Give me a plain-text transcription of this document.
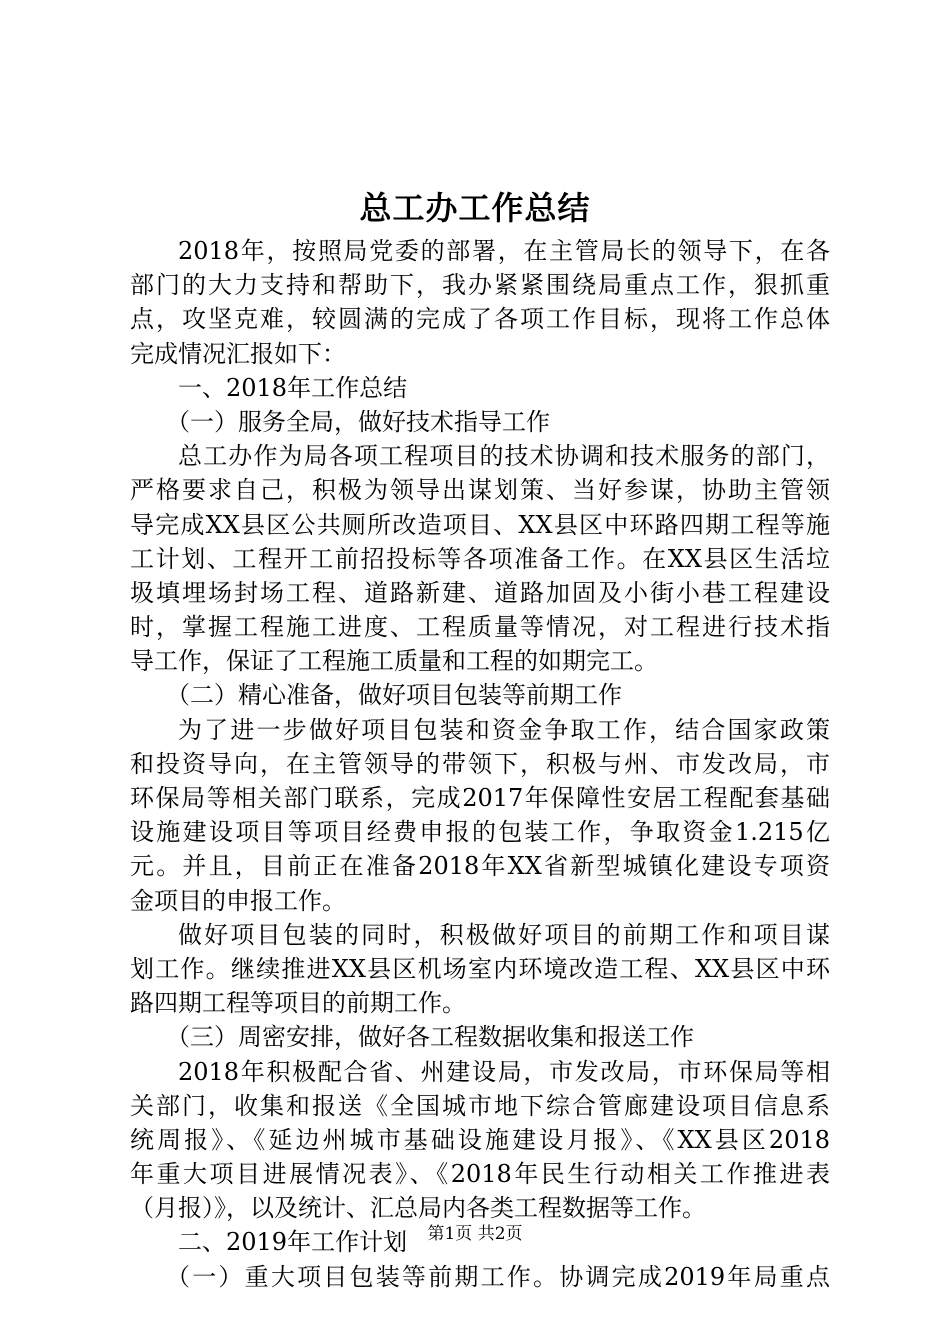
总工办工作总结
2018年，按照局党委的部署，在主管局长的领导下，在各
部门的大力支持和帮助下，我办紧紧围绕局重点工作，狠抓重
点，攻坚克难，较圆满的完成了各项工作目标，现将工作总体
完成情况汇报如下：
一、2018年工作总结
（一）服务全局，做好技术指导工作
总工办作为局各项工程项目的技术协调和技术服务的部门，
严格要求自己，积极为领导出谋划策、当好参谋，协助主管领
导完成XX县区公共厕所改造项目、XX县区中环路四期工程等施
工计划、工程开工前招投标等各项准备工作。在XX县区生活垃
圾填埋场封场工程、道路新建、道路加固及小街小巷工程建设
时，掌握工程施工进度、工程质量等情况，对工程进行技术指
导工作，保证了工程施工质量和工程的如期完工。
（二）精心准备，做好项目包装等前期工作
为了进一步做好项目包装和资金争取工作，结合国家政策
和投资导向，在主管领导的带领下，积极与州、市发改局，市
环保局等相关部门联系，完成2017年保障性安居工程配套基础
设施建设项目等项目经费申报的包装工作，争取资金1.215亿
元。并且，目前正在准备2018年XX省新型城镇化建设专项资
金项目的申报工作。
做好项目包装的同时，积极做好项目的前期工作和项目谋
划工作。继续推进XX县区机场室内环境改造工程、XX县区中环
路四期工程等项目的前期工作。
（三）周密安排，做好各工程数据收集和报送工作
2018年积极配合省、州建设局，市发改局，市环保局等相
关部门，收集和报送《全国城市地下综合管廊建设项目信息系
统周报》、《延边州城市基础设施建设月报》、《XX县区2018
年重大项目进展情况表》、《2018年民生行动相关工作推进表
（月报）》，以及统计、汇总局内各类工程数据等工作。
二、2019年工作计划
（一）重大项目包装等前期工作。协调完成2019年局重点
第1页 共2页
